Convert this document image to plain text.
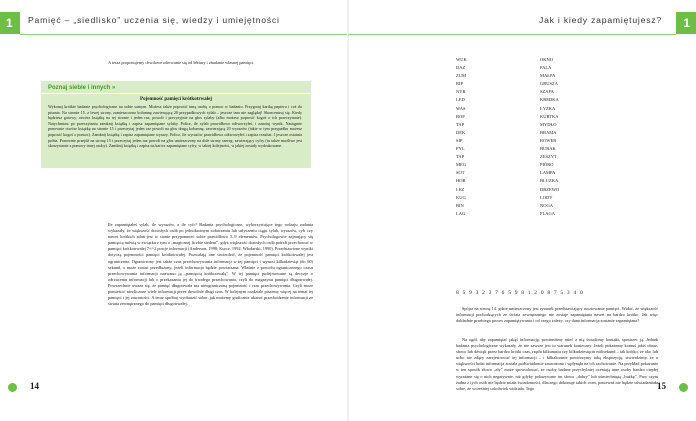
1 Pamięć – „siedlisko” uczenia się, wiedzy i umiejętności

A teraz proponujemy chwilowe oderwanie się od lektury i zbadanie własnej pamięci.

Poznaj siebie i innych »
Pojemność pamięci krótkotrwałej

Wykonaj krótkie badanie psychologiczne na sobie samym. Możesz także poprosić inną osobę o pomoc w badaniu. Przygotuj kartkę papieru i coś do pisania. Na stronie 15. z lewej strony, zamieszczono kolumnę zawierającą 20 przypadkowych sylab – jeszcze tam nie zaglądaj! Skoncentruj się. Kiedy będziesz gotowy, otwórz książkę na tej stronie i jeden raz, powoli i precyzyjnie na głos sylaby (albo możesz poprosić kogoś o ich przeczytanie). Natychmiast po przeczytaniu zamknij książkę i zapisz zapamiętane sylaby. Policz, ile sylab prawidłowo odtworzyłeś, i zanotuj wynik. Następnie ponownie otwórz książkę na stronie 15 i przeczytaj jeden raz powoli na głos drugą kolumnę, zawierającą 20 wyrazów (takie w tym przypadku możesz poprosić kogoś o pomoc). Zamknij książkę i zapisz zapamiętane wyrazy. Policz, ile wyrazów prawidłowo odtworzyłeś i zapisz rezultat. I jeszcze ostatnia próba. Ponownie przejdź na stronę 15 i przeczytaj jeden raz powoli na głos umieszczony na dole strony szereg, zawierający cyfry (tu także możliwe jest skorzystanie z pomocy innej osoby). Zamknij książkę i zapisz na kartce zapamiętane cyfry, w takiej kolejności, w jakiej zostały wydrukowane.

Ile zapamiętałeś sylab, ile wyrazów, a ile cyfr? Badania psychologiczne, wykorzystujące tego rodzaju zadania wykazały, że większość dorosłych osób po jednokrotnym zobaczeniu lub usłyszeniu ciągu sylab, wyrazów, cyfr czy nawet krótkich zdań jest w stanie przypomnieć sobie prawidłowo 5–9 elementów. Psychologowie zajmujący się pamięcią mówią w związku z tym o „magicznej liczbie siedem”, gdyż większość dorosłych osób potrafi przechować w pamięci krótkotrwałej 7+/-2 porcje informacji (Anderson, 1998; Kurcz, 1992; Włodarski, 1990). Przedstawione wyniki dotyczą pojemności pamięci krótkotrwałej. Pozwalają one stwierdzić, że pojemność pamięci krótkotrwałej jest ograniczona. Ograniczony jest także czas przechowywania informacji w tej pamięci i wynosi kilkadziesiąt (do 60) sekund, a może zostać przedłużony, jeżeli informacja będzie powtarzana. Właśnie z powodu ograniczonego czasu przechowywania informacji nazwano ją „pamięcią krótkotrwałą”. W tej pamięci podejmowane są decyzje o odrzuceniu informacji lub o przekazaniu jej do trwałego przechowania, czyli do magazynu pamięci długotrwałej. Powszechnie uważa się, że pamięć długotrwała ma nieograniczoną pojemność i czas przechowywania. Czyli może pomieścić niezliczone wiele informacji przez dowolnie długi czas. W kolejnym rozdziale piszemy więcej na temat tej pamięci i jej zawartości. A teraz spróbuj wyobrazić sobie, jak możemy graficznie ukazać przechodzenie informacji ze świata zewnętrznego do pamięci długotrwałej.

14
1
Jak i kiedy zapamiętujesz?
WUK
DAZ
ZUM
RIP
NYR
LED
WAS
BOP
TAP
DEK
SIP
FYL
TAP
MEG
SOT
HOR
LEZ
KUG
BIN
LAG
OKNO
FALA
MAŁPA
GRUSZA
SZAFA
KREDKA
ŁYŻKA
KURTKA
MYDŁO
BRAMA
ROWER
BURAK
ZESZYT
PIÓRO
LAMPA
BLUZKA
DRZEWO
LODY
NOGA
FLAGA
8 5 9 3 2 3 7 6 5 9 8 1 2 0 8 7 5 3 4 0

Spójrz na stronę 14. gdzie umieszczony jest rysunek przedstawiający rusztowanie pamięci. Widać, że większość informacji pochodzących ze świata zewnętrznego nie zostaje zapamiętana nawet na bardzo krótko. Jak więc dokładnie przebiega proces zapamiętywania i od czego zależy, czy dana informacja zostanie zapamiętana?

Na ogół, aby zapamiętać jakąś informację, powinniśmy mieć z nią świadomy kontakt, spostrzec ją. Jednak badania psychologiczne wykazały, że nie zawsze jest to warunek konieczny. Jeżeli pokażemy komuś jakiś obraz, słowo lub dźwięk przez bardzo krótki czas, rzędu kilkunastu czy kilkudziesięciu milisekund – tak krótko, że oko lub ucho nie zdąży zarejestrować tej informacji – i kilkakrotnie powtórzymy taką ekspozycję, stwierdzimy, że u większości ludzi informacja została podświadomie zauważona i wpłynęła na ich zachowanie. Na przykład pokazanie w ten sposób słowa „zły” może spowodować, że osoby badane przychylniej oceniają inne osoby bardzo ciepłej wyrażane się o nich negatywnie, niż gdyby pokazywano im słowo „dobry” lub uśmiechniętą „buźkę”. Przy czym żadna z tych osób nie będzie miała świadomości, dlaczego dokonuje takich ocen, ponieważ nie będzie uświadamiała sobie, że wcześniej cokolwiek widziała. Tego	15
